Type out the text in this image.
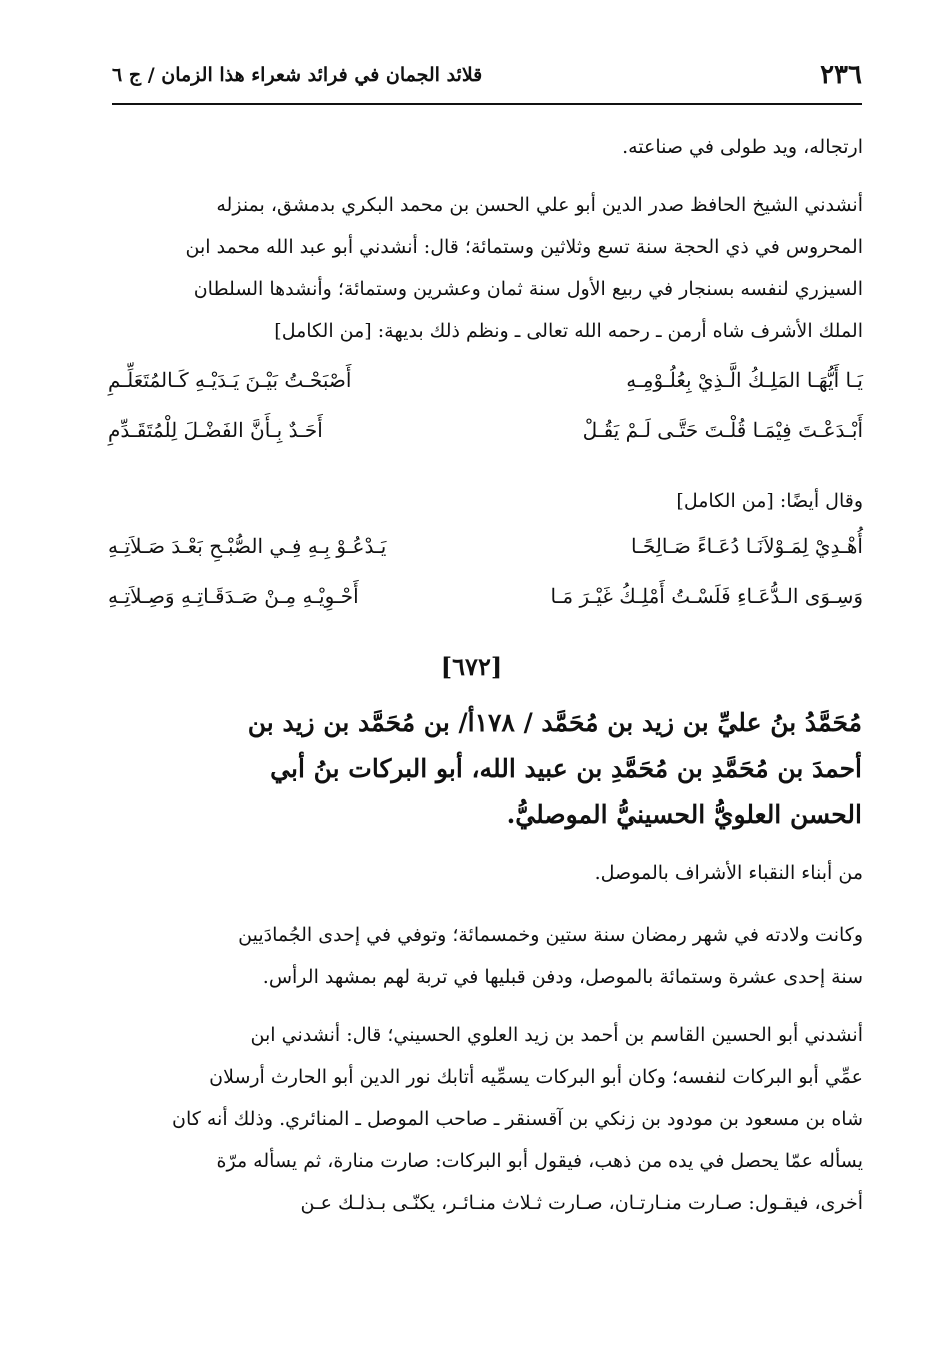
٢٣٦
قلائد الجمان في فرائد شعراء هذا الزمان / ج ٦
ارتجاله، ويد طولى في صناعته.
أنشدني الشيخ الحافظ صدر الدين أبو علي الحسن بن محمد البكري بدمشق، بمنزله
المحروس في ذي الحجة سنة تسع وثلاثين وستمائة؛ قال: أنشدني أبو عبد الله محمد ابن
السيزري لنفسه بسنجار في ربيع الأول سنة ثمان وعشرين وستمائة؛ وأنشدها السلطان
الملك الأشرف شاه أرمن ـ رحمه الله تعالى ـ ونظم ذلك بديهة: [من الكامل]
يَـا أَيُّهَـا المَلِـكُ الَّـذِيْ بِعُلُـوْمِـهِ
أَصْبَحْـتُ بَيْـنَ يَـدَيْـهِ كَـالمُتَعَلِّـمِ
أَبْـدَعْـتَ فِيْمَـا قُلْـتَ حَتَّـى لَـمْ يَقُـلْ
أَحَـدٌ بِـأَنَّ الفَضْـلَ لِلْمُتَقَـدِّمِ
وقال أيضًا: [من الكامل]
أُهْـدِيْ لِمَـوْلاَنَـا دُعَـاءً صَـالِحًـا
يَـدْعُـوْ بِـهِ فِـي الصُّبْـحِ بَعْـدَ صَـلاَتِـهِ
وَسِـوَى الـدُّعَـاءِ فَلَسْـتُ أَمْلِـكُ غَيْـرَ مَـا
أَحْـوِيْـهِ مِـنْ صَـدَقَـاتِـهِ وَصِـلاَتِـهِ
[٦٧٢]
مُحَمَّدُ بنُ عليِّ بن زيد بن مُحَمَّد / ١٧٨أ/ بن مُحَمَّد بن زيد بن
أحمدَ بن مُحَمَّدِ بن مُحَمَّدِ بن عبيد الله، أبو البركات بنُ أبي
الحسن العلويُّ الحسينيُّ الموصليُّ.
من أبناء النقباء الأشراف بالموصل.
وكانت ولادته في شهر رمضان سنة ستين وخمسمائة؛ وتوفي في إحدى الجُمادَيين
سنة إحدى عشرة وستمائة بالموصل، ودفن قبليها في تربة لهم بمشهد الرأس.
أنشدني أبو الحسين القاسم بن أحمد بن زيد العلوي الحسيني؛ قال: أنشدني ابن
عمِّي أبو البركات لنفسه؛ وكان أبو البركات يسمِّيه أتابك نور الدين أبو الحارث أرسلان
شاه بن مسعود بن مودود بن زنكي بن آقسنقر ـ صاحب الموصل ـ المنائري. وذلك أنه كان
يسأله عمّا يحصل في يده من ذهب، فيقول أبو البركات: صارت منارة، ثم يسأله مرّة
أخرى، فيقـول: صـارت منـارتـان، صـارت ثـلاث منـائـر، يكنّـى بـذلـك عـن
